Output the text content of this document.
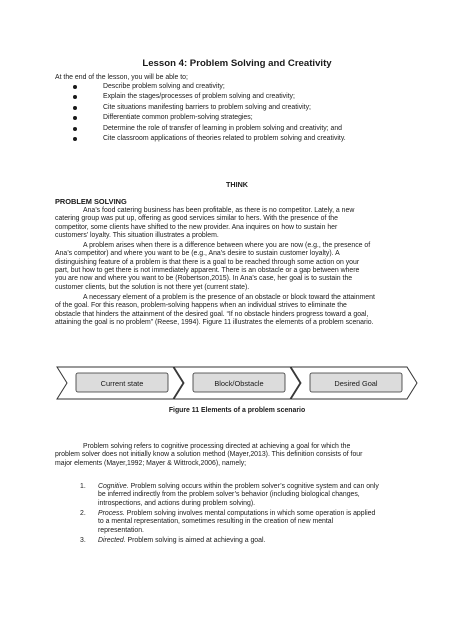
Lesson 4: Problem Solving and Creativity
At the end of the lesson, you will be able to;
Describe problem solving and creativity;
Explain the stages/processes of problem solving and creativity;
Cite situations manifesting barriers to problem solving and creativity;
Differentiate common problem-solving strategies;
Determine the role of transfer of learning in problem solving and creativity; and
Cite classroom applications of theories related to problem solving and creativity.
THINK
PROBLEM SOLVING
Ana’s food catering business has been profitable, as there is no competitor. Lately, a new
catering group was put up, offering as good services similar to hers. With the presence of the
competitor, some clients have shifted to the new provider. Ana inquires on how to sustain her
customers’ loyalty. This situation illustrates a problem.
A problem arises when there is a difference between where you are now (e.g., the presence of
Ana’s competitor) and where you want to be (e.g., Ana’s desire to sustain customer loyalty). A
distinguishing feature of a problem is that there is a goal to be reached through some action on your
part, but how to get there is not immediately apparent. There is an obstacle or a gap between where
you are now and where you want to be (Robertson,2015). In Ana’s case, her goal is to sustain the
customer clients, but the solution is not there yet (current state).
A necessary element of a problem is the presence of an obstacle or block toward the attainment
of the goal. For this reason, problem-solving happens when an individual strives to eliminate the
obstacle that hinders the attainment of the desired goal. “If no obstacle hinders progress toward a goal,
attaining the goal is no problem” (Reese, 1994). Figure 11 illustrates the elements of a problem scenario.
Current state	Block/Obstacle	Desired Goal
Figure 11 Elements of a problem scenario
Problem solving refers to cognitive processing directed at achieving a goal for which the
problem solver does not initially know a solution method (Mayer,2013). This definition consists of four
major elements (Mayer,1992; Mayer & Wittrock,2006), namely;
1. Cognitive. Problem solving occurs within the problem solver’s cognitive system and can only
be inferred indirectly from the problem solver’s behavior (including biological changes,
introspections, and actions during problem solving).
2. Process. Problem solving involves mental computations in which some operation is applied
to a mental representation, sometimes resulting in the creation of new mental
representation.
3. Directed. Problem solving is aimed at achieving a goal.
